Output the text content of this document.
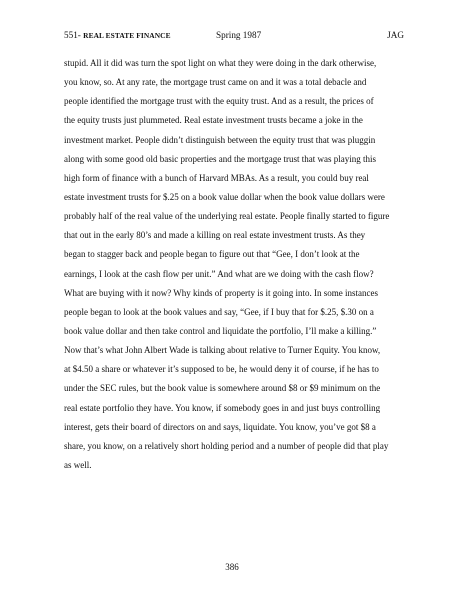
551- REAL ESTATE FINANCE	Spring 1987	JAG
stupid. All it did was turn the spot light on what they were doing in the dark otherwise,
you know, so. At any rate, the mortgage trust came on and it was a total debacle and
people identified the mortgage trust with the equity trust. And as a result, the prices of
the equity trusts just plummeted. Real estate investment trusts became a joke in the
investment market. People didn’t distinguish between the equity trust that was pluggin
along with some good old basic properties and the mortgage trust that was playing this
high form of finance with a bunch of Harvard MBAs. As a result, you could buy real
estate investment trusts for $.25 on a book value dollar when the book value dollars were
probably half of the real value of the underlying real estate. People finally started to figure
that out in the early 80’s and made a killing on real estate investment trusts. As they
began to stagger back and people began to figure out that “Gee, I don’t look at the
earnings, I look at the cash flow per unit.” And what are we doing with the cash flow?
What are buying with it now? Why kinds of property is it going into. In some instances
people began to look at the book values and say, “Gee, if I buy that for $.25, $.30 on a
book value dollar and then take control and liquidate the portfolio, I’ll make a killing.”
Now that’s what John Albert Wade is talking about relative to Turner Equity. You know,
at $4.50 a share or whatever it’s supposed to be, he would deny it of course, if he has to
under the SEC rules, but the book value is somewhere around $8 or $9 minimum on the
real estate portfolio they have. You know, if somebody goes in and just buys controlling
interest, gets their board of directors on and says, liquidate. You know, you’ve got $8 a
share, you know, on a relatively short holding period and a number of people did that play
as well.
386
